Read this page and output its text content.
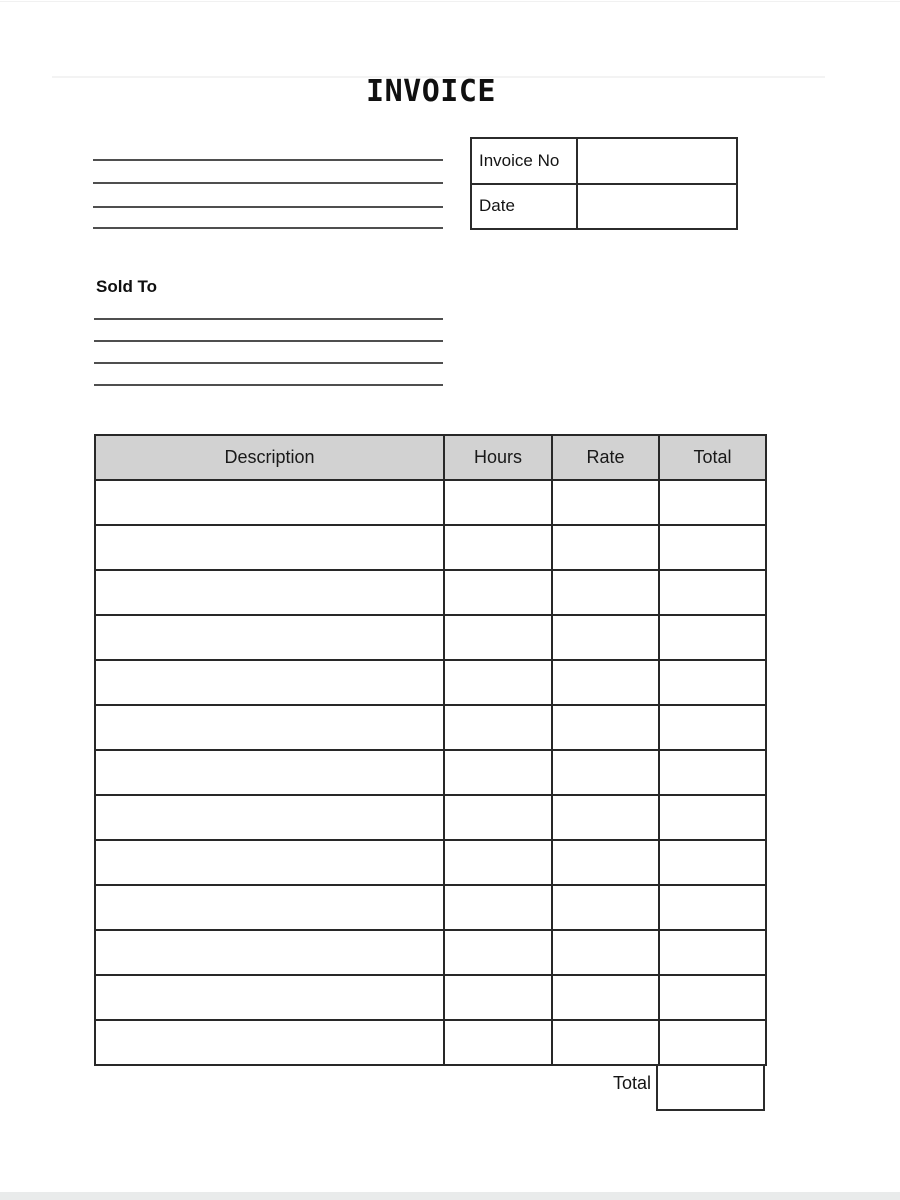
INVOICE
Invoice No
Date
Sold To
Description	Hours	Rate	Total

Total
